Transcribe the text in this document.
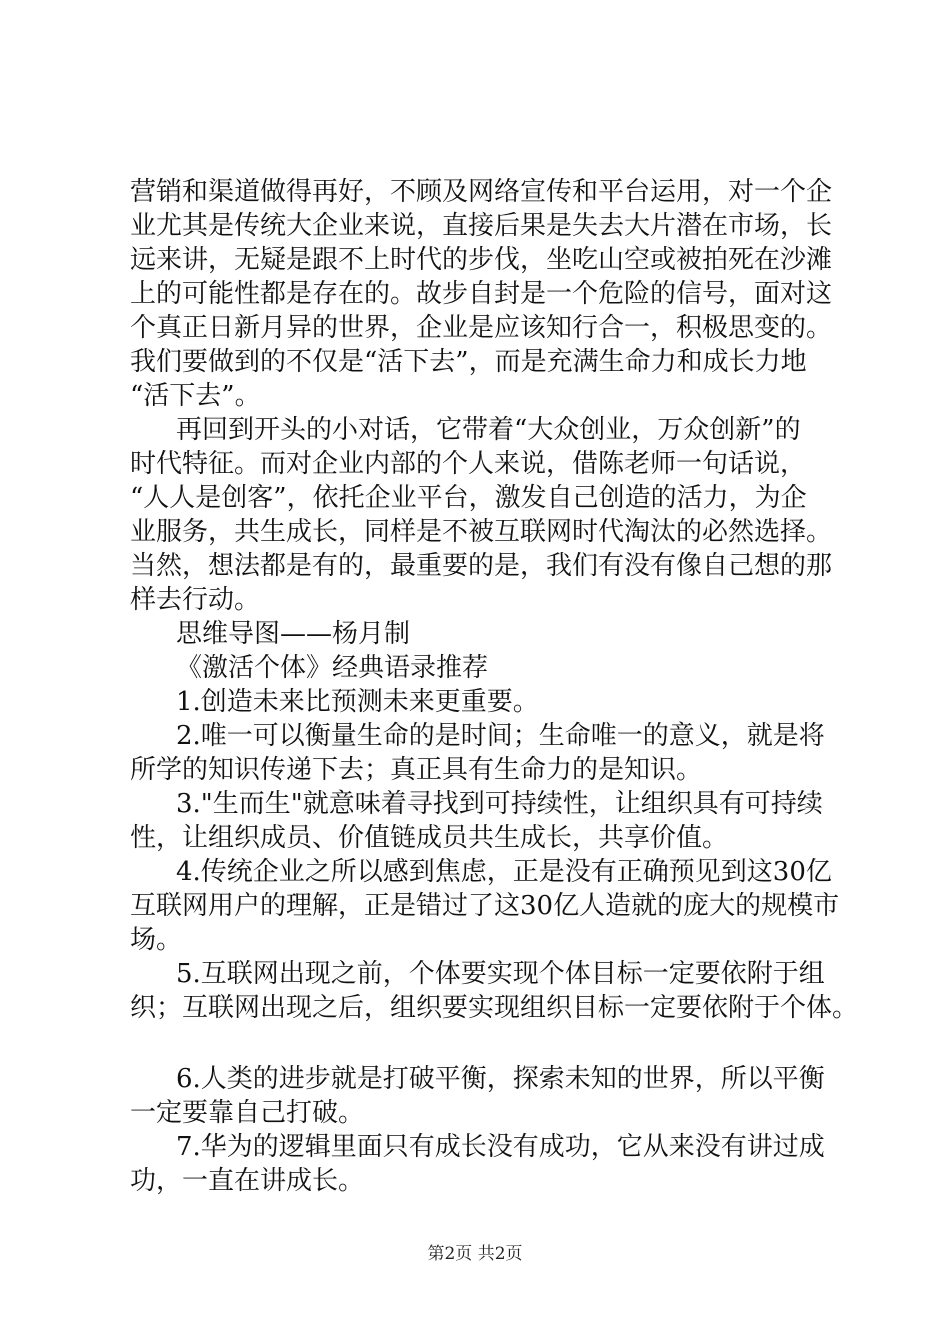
营销和渠道做得再好，不顾及网络宣传和平台运用，对一个企
业尤其是传统大企业来说，直接后果是失去大片潜在市场，长
远来讲，无疑是跟不上时代的步伐，坐吃山空或被拍死在沙滩
上的可能性都是存在的。故步自封是一个危险的信号，面对这
个真正日新月异的世界，企业是应该知行合一，积极思变的。
我们要做到的不仅是“活下去”，而是充满生命力和成长力地
“活下去”。
再回到开头的小对话，它带着“大众创业，万众创新”的
时代特征。而对企业内部的个人来说，借陈老师一句话说，
“人人是创客”，依托企业平台，激发自己创造的活力，为企
业服务，共生成长，同样是不被互联网时代淘汰的必然选择。
当然，想法都是有的，最重要的是，我们有没有像自己想的那
样去行动。
思维导图——杨月制
《激活个体》经典语录推荐
1.创造未来比预测未来更重要。
2.唯一可以衡量生命的是时间；生命唯一的意义，就是将
所学的知识传递下去；真正具有生命力的是知识。
3."生而生"就意味着寻找到可持续性，让组织具有可持续
性，让组织成员、价值链成员共生成长，共享价值。
4.传统企业之所以感到焦虑，正是没有正确预见到这30亿
互联网用户的理解，正是错过了这30亿人造就的庞大的规模市
场。
5.互联网出现之前，个体要实现个体目标一定要依附于组
织；互联网出现之后，组织要实现组织目标一定要依附于个体。
6.人类的进步就是打破平衡，探索未知的世界，所以平衡
一定要靠自己打破。
7.华为的逻辑里面只有成长没有成功，它从来没有讲过成
功，一直在讲成长。
第2页 共2页
